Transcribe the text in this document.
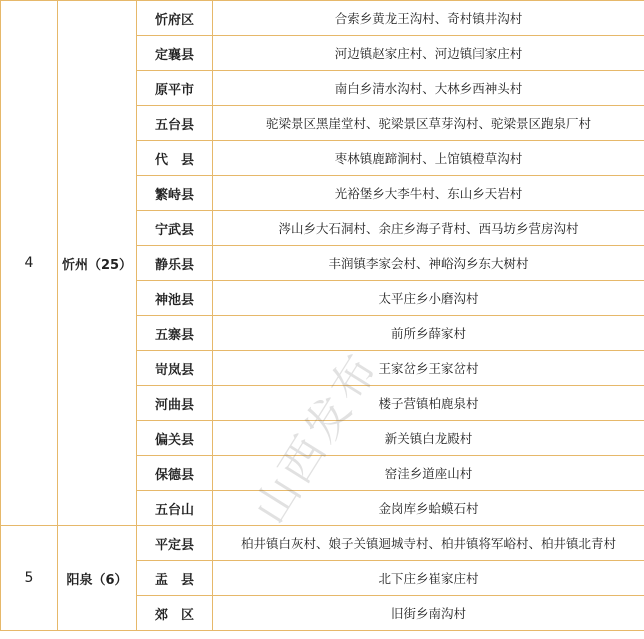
4	忻州（25）	忻府区	合索乡黄龙王沟村、奇村镇井沟村
		定襄县	河边镇赵家庄村、河边镇闫家庄村
		原平市	南白乡清水沟村、大林乡西神头村
		五台县	驼梁景区黑崖堂村、驼梁景区草芽沟村、驼梁景区跑泉厂村
		代　县	枣林镇鹿蹄涧村、上馆镇橙草沟村
		繁峙县	光裕堡乡大李牛村、东山乡天岩村
		宁武县	涔山乡大石洞村、余庄乡海子背村、西马坊乡营房沟村
		静乐县	丰润镇李家会村、神峪沟乡东大树村
		神池县	太平庄乡小磨沟村
		五寨县	前所乡薛家村
		岢岚县	王家岔乡王家岔村
		河曲县	楼子营镇柏鹿泉村
		偏关县	新关镇白龙殿村
		保德县	窑洼乡道座山村
		五台山	金岗库乡蛤蟆石村
5	阳泉（6）	平定县	柏井镇白灰村、娘子关镇迴城寺村、柏井镇将军峪村、柏井镇北青村
		盂　县	北下庄乡崔家庄村
		郊　区	旧街乡南沟村
山西发布
